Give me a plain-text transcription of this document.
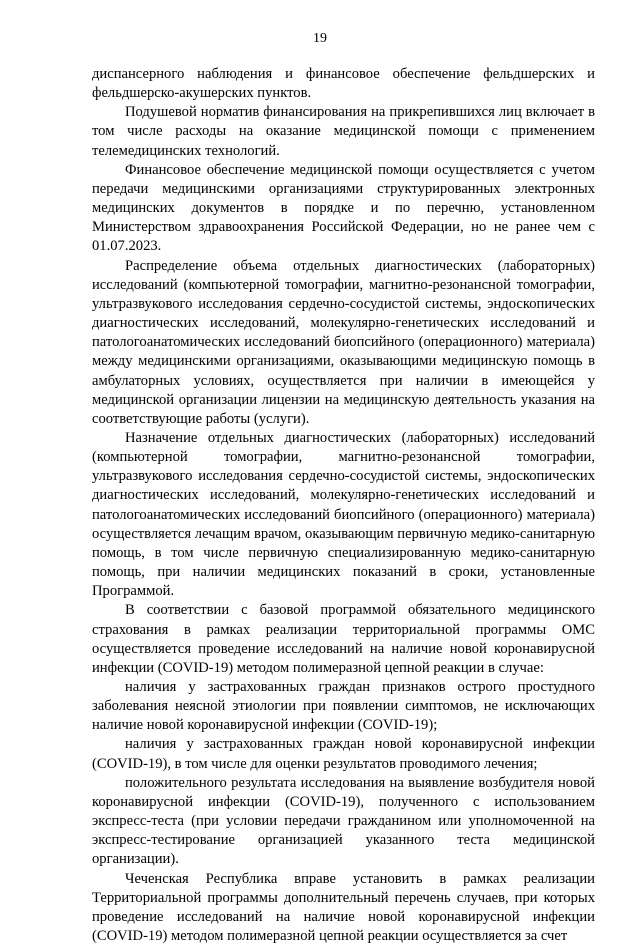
19

диспансерного наблюдения и финансовое обеспечение фельдшерских и фельдшерско-акушерских пунктов.

Подушевой норматив финансирования на прикрепившихся лиц включает в том числе расходы на оказание медицинской помощи с применением телемедицинских технологий.

Финансовое обеспечение медицинской помощи осуществляется с учетом передачи медицинскими организациями структурированных электронных медицинских документов в порядке и по перечню, установленном Министерством здравоохранения Российской Федерации, но не ранее чем с 01.07.2023.

Распределение объема отдельных диагностических (лабораторных) исследований (компьютерной томографии, магнитно-резонансной томографии, ультразвукового исследования сердечно-сосудистой системы, эндоскопических диагностических исследований, молекулярно-генетических исследований и патологоанатомических исследований биопсийного (операционного) материала) между медицинскими организациями, оказывающими медицинскую помощь в амбулаторных условиях, осуществляется при наличии в имеющейся у медицинской организации лицензии на медицинскую деятельность указания на соответствующие работы (услуги).

Назначение отдельных диагностических (лабораторных) исследований (компьютерной томографии, магнитно-резонансной томографии, ультразвукового исследования сердечно-сосудистой системы, эндоскопических диагностических исследований, молекулярно-генетических исследований и патологоанатомических исследований биопсийного (операционного) материала) осуществляется лечащим врачом, оказывающим первичную медико-санитарную помощь, в том числе первичную специализированную медико-санитарную помощь, при наличии медицинских показаний в сроки, установленные Программой.

В соответствии с базовой программой обязательного медицинского страхования в рамках реализации территориальной программы ОМС осуществляется проведение исследований на наличие новой коронавирусной инфекции (COVID-19) методом полимеразной цепной реакции в случае:

наличия у застрахованных граждан признаков острого простудного заболевания неясной этиологии при появлении симптомов, не исключающих наличие новой коронавирусной инфекции (COVID-19);

наличия у застрахованных граждан новой коронавирусной инфекции (COVID-19), в том числе для оценки результатов проводимого лечения;

положительного результата исследования на выявление возбудителя новой коронавирусной инфекции (COVID-19), полученного с использованием экспресс-теста (при условии передачи гражданином или уполномоченной на экспресс-тестирование организацией указанного теста медицинской организации).

Чеченская Республика вправе установить в рамках реализации Территориальной программы дополнительный перечень случаев, при которых проведение исследований на наличие новой коронавирусной инфекции (COVID-19) методом полимеразной цепной реакции осуществляется за счет
